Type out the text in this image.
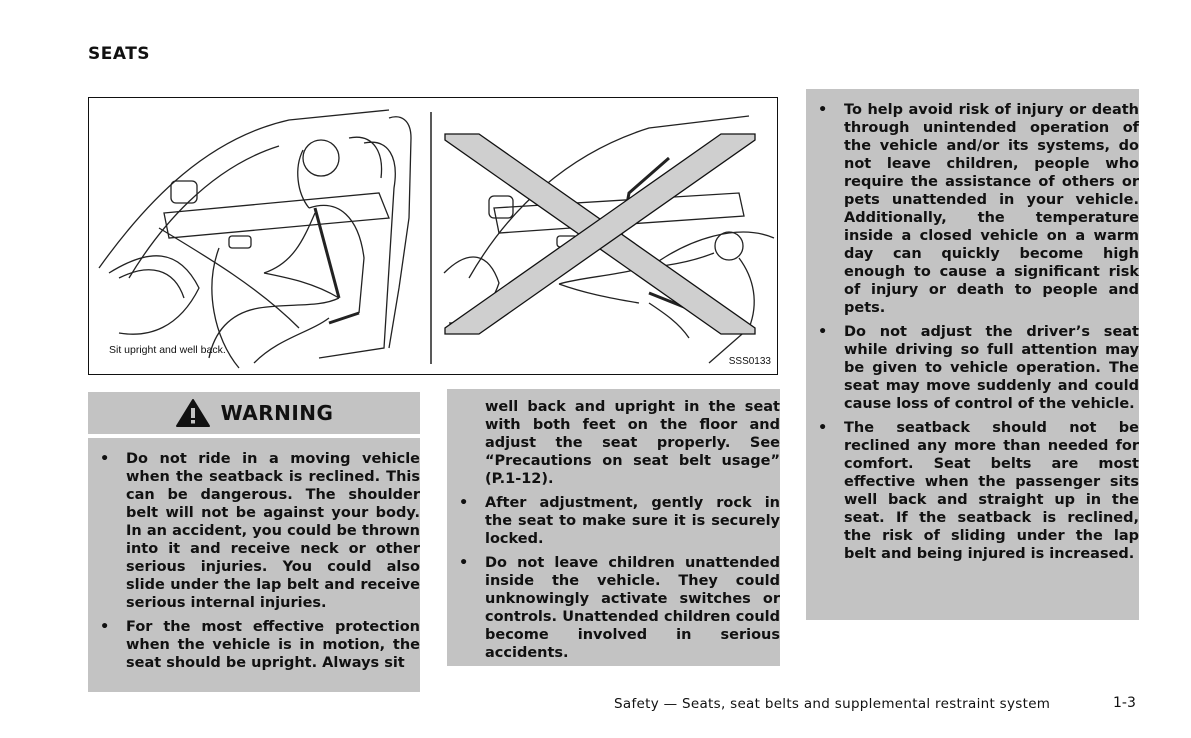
SEATS
Sit upright and well back.
SSS0133
WARNING

• Do not ride in a moving vehicle when the seatback is reclined. This can be dangerous. The shoulder belt will not be against your body. In an accident, you could be thrown into it and receive neck or other serious injuries. You could also slide under the lap belt and receive serious internal injuries.

• For the most effective protection when the vehicle is in motion, the seat should be upright. Always sit

well back and upright in the seat with both feet on the floor and adjust the seat properly. See “Precautions on seat belt usage” (P.1-12).

• After adjustment, gently rock in the seat to make sure it is securely locked.

• Do not leave children unattended inside the vehicle. They could unknowingly activate switches or controls. Unattended children could become involved in serious accidents.

• To help avoid risk of injury or death through unintended operation of the vehicle and/or its systems, do not leave children, people who require the assistance of others or pets unattended in your vehicle. Additionally, the temperature inside a closed vehicle on a warm day can quickly become high enough to cause a significant risk of injury or death to people and pets.

• Do not adjust the driver’s seat while driving so full attention may be given to vehicle operation. The seat may move suddenly and could cause loss of control of the vehicle.

• The seatback should not be reclined any more than needed for comfort. Seat belts are most effective when the passenger sits well back and straight up in the seat. If the seatback is reclined, the risk of sliding under the lap belt and being injured is increased.

Safety — Seats, seat belts and supplemental restraint system	1-3
